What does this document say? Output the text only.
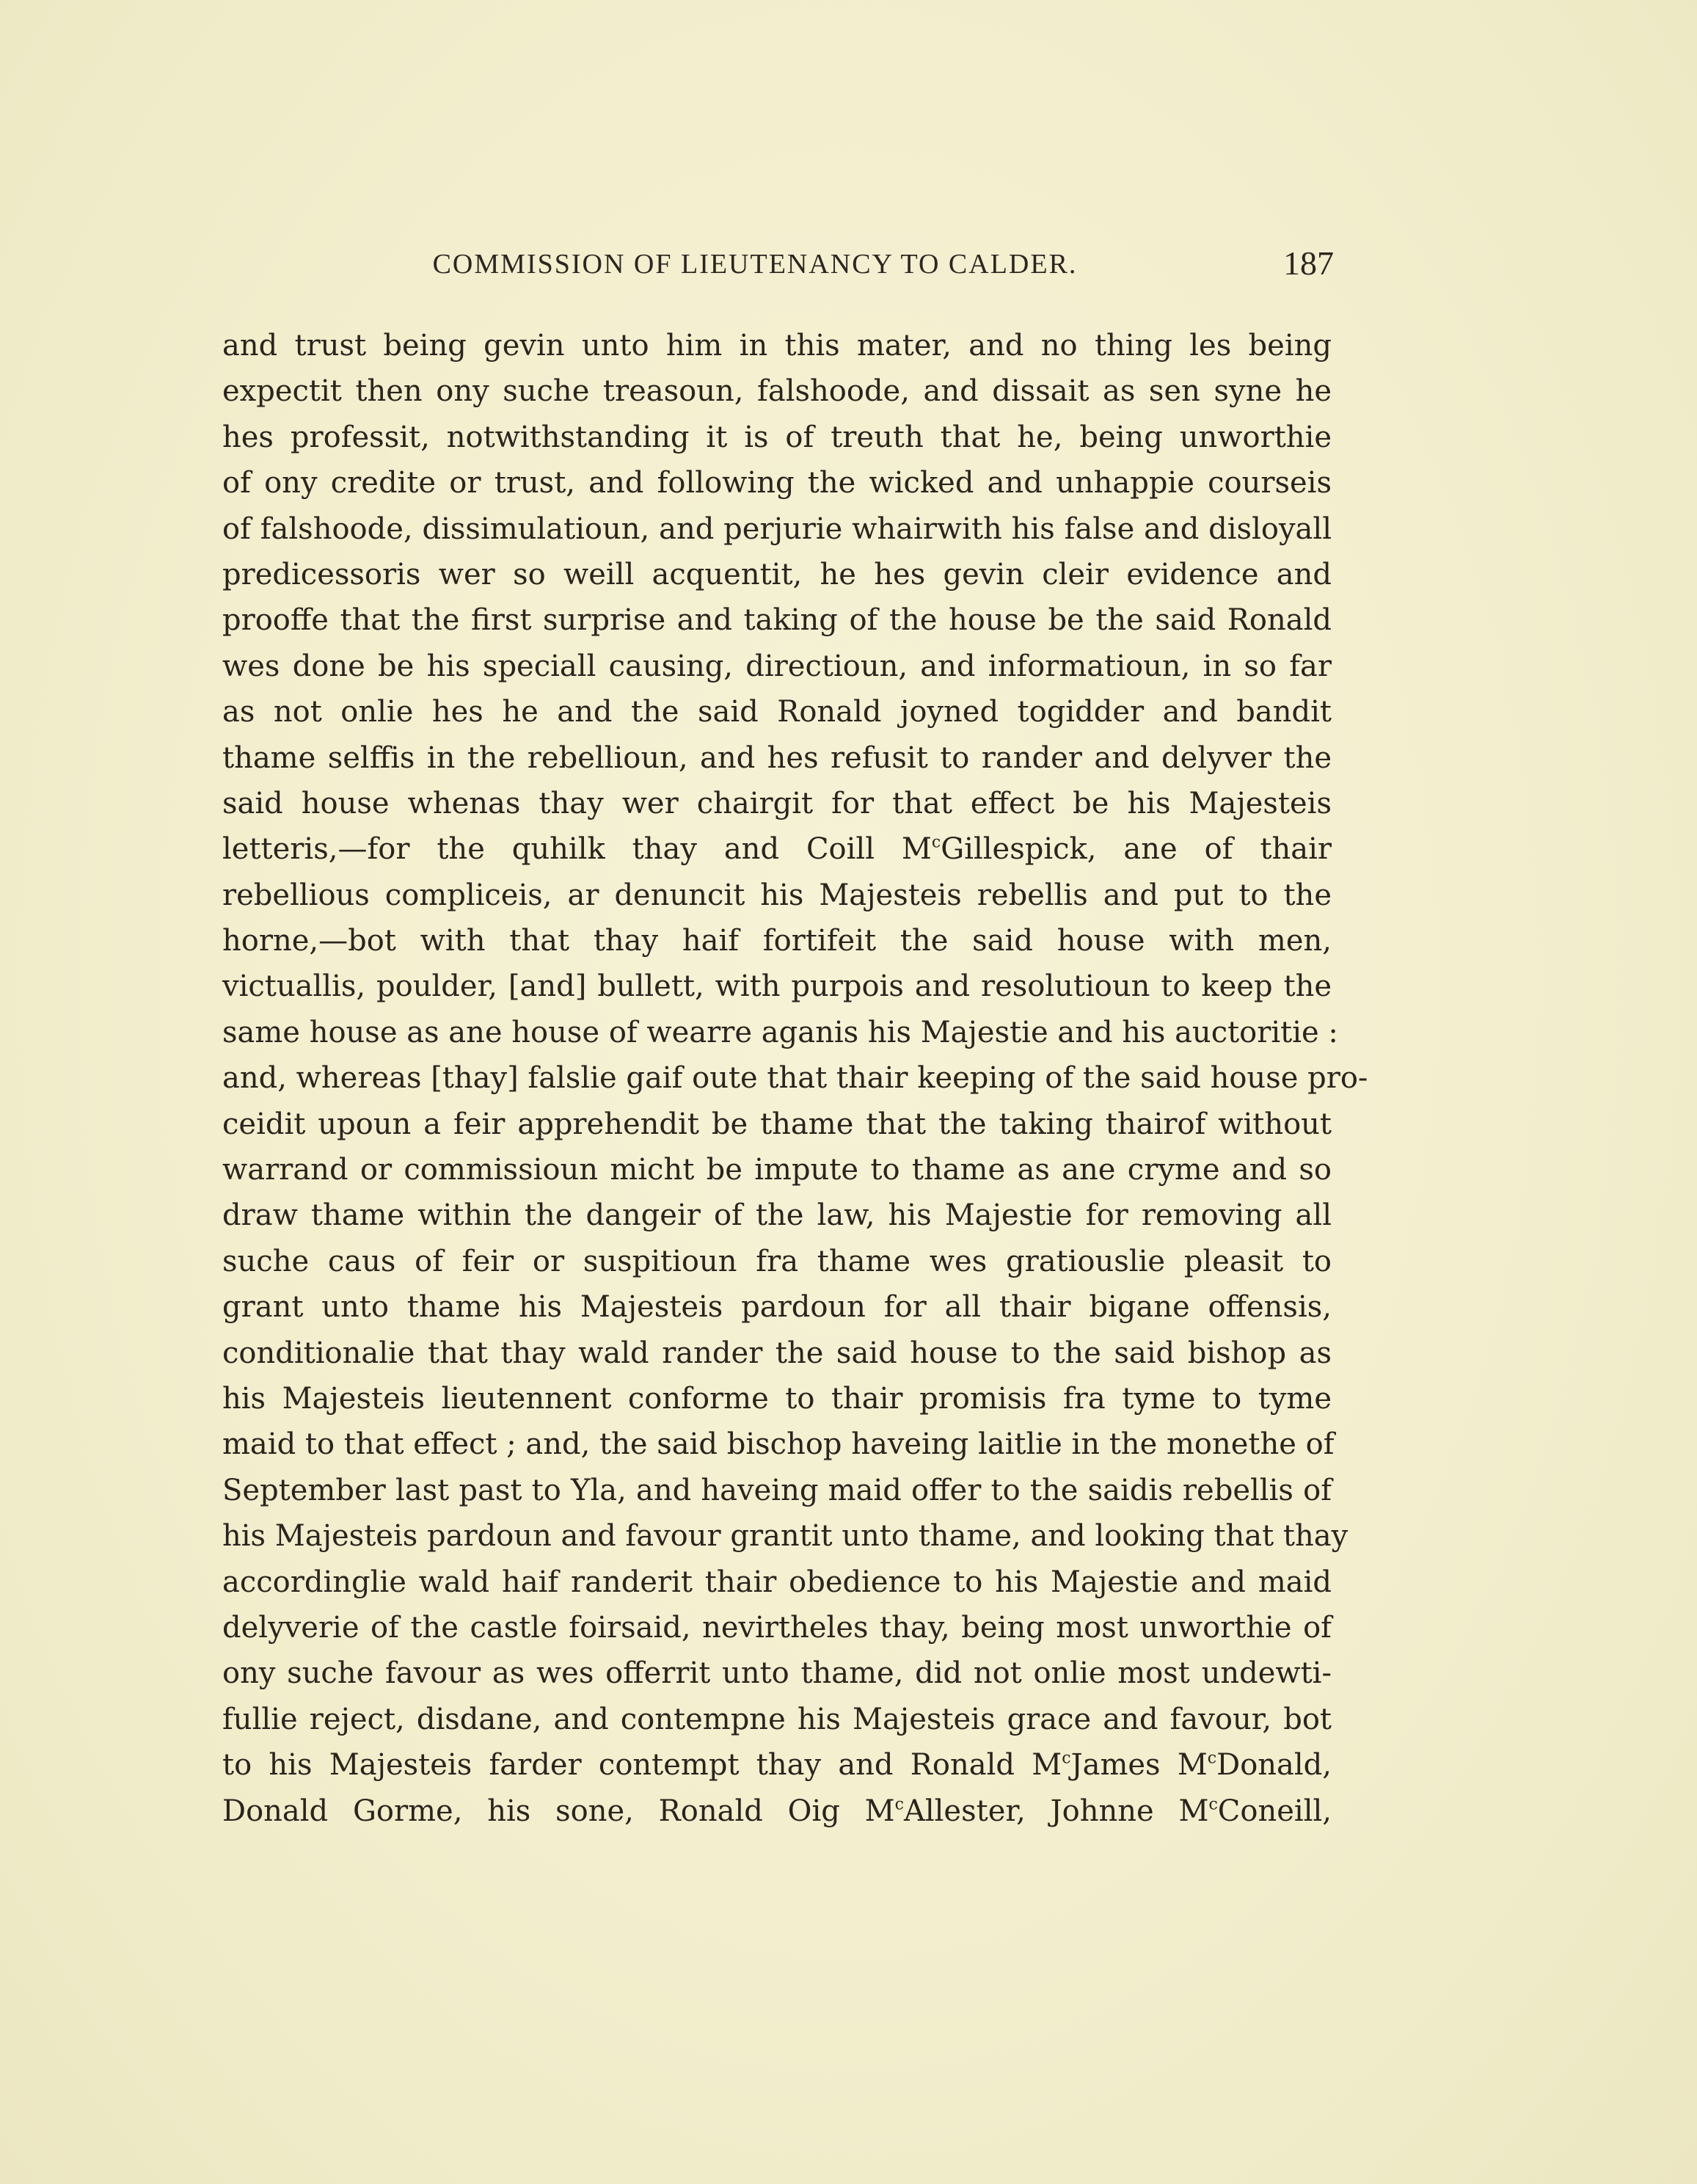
COMMISSION OF LIEUTENANCY TO CALDER.	187
and trust being gevin unto him in this mater, and no thing les being
expectit then ony suche treasoun, falshoode, and dissait as sen syne he
hes professit, notwithstanding it is of treuth that he, being unworthie
of ony credite or trust, and following the wicked and unhappie courseis
of falshoode, dissimulatioun, and perjurie whairwith his false and disloyall
predicessoris wer so weill acquentit, he hes gevin cleir evidence and
prooffe that the first surprise and taking of the house be the said Ronald
wes done be his speciall causing, directioun, and informatioun, in so far
as not onlie hes he and the said Ronald joyned togidder and bandit
thame selffis in the rebellioun, and hes refusit to rander and delyver the
said house whenas thay wer chairgit for that effect be his Majesteis
letteris,—for the quhilk thay and Coill $M^cGillespick$, ane of thair
rebellious compliceis, ar denuncit his Majesteis rebellis and put to the
horne,—bot with that thay haif fortifeit the said house with men,
victuallis, poulder, [and] bullett, with purpois and resolutioun to keep the
same house as ane house of wearre aganis his Majestie and his auctoritie :
and, whereas [thay] falslie gaif oute that thair keeping of the said house pro-
ceidit upoun a feir apprehendit be thame that the taking thairof without
warrand or commissioun micht be impute to thame as ane cryme and so
draw thame within the dangeir of the law, his Majestie for removing all
suche caus of feir or suspitioun fra thame wes gratiouslie pleasit to
grant unto thame his Majesteis pardoun for all thair bigane offensis,
conditionalie that thay wald rander the said house to the said bishop as
his Majesteis lieutennent conforme to thair promisis fra tyme to tyme
maid to that effect ; and, the said bischop haveing laitlie in the monethe of
September last past to Yla, and haveing maid offer to the saidis rebellis of
his Majesteis pardoun and favour grantit unto thame, and looking that thay
accordinglie wald haif randerit thair obedience to his Majestie and maid
delyverie of the castle foirsaid, nevirtheles thay, being most unworthie of
ony suche favour as wes offerrit unto thame, did not onlie most undewti-
fullie reject, disdane, and contempne his Majesteis grace and favour, bot
to his Majesteis farder contempt thay and Ronald $M^cJames$ $M^cDonald$,
Donald Gorme, his sone, Ronald Oig $M^cAllester$, Johnne $M^cConeill$,
